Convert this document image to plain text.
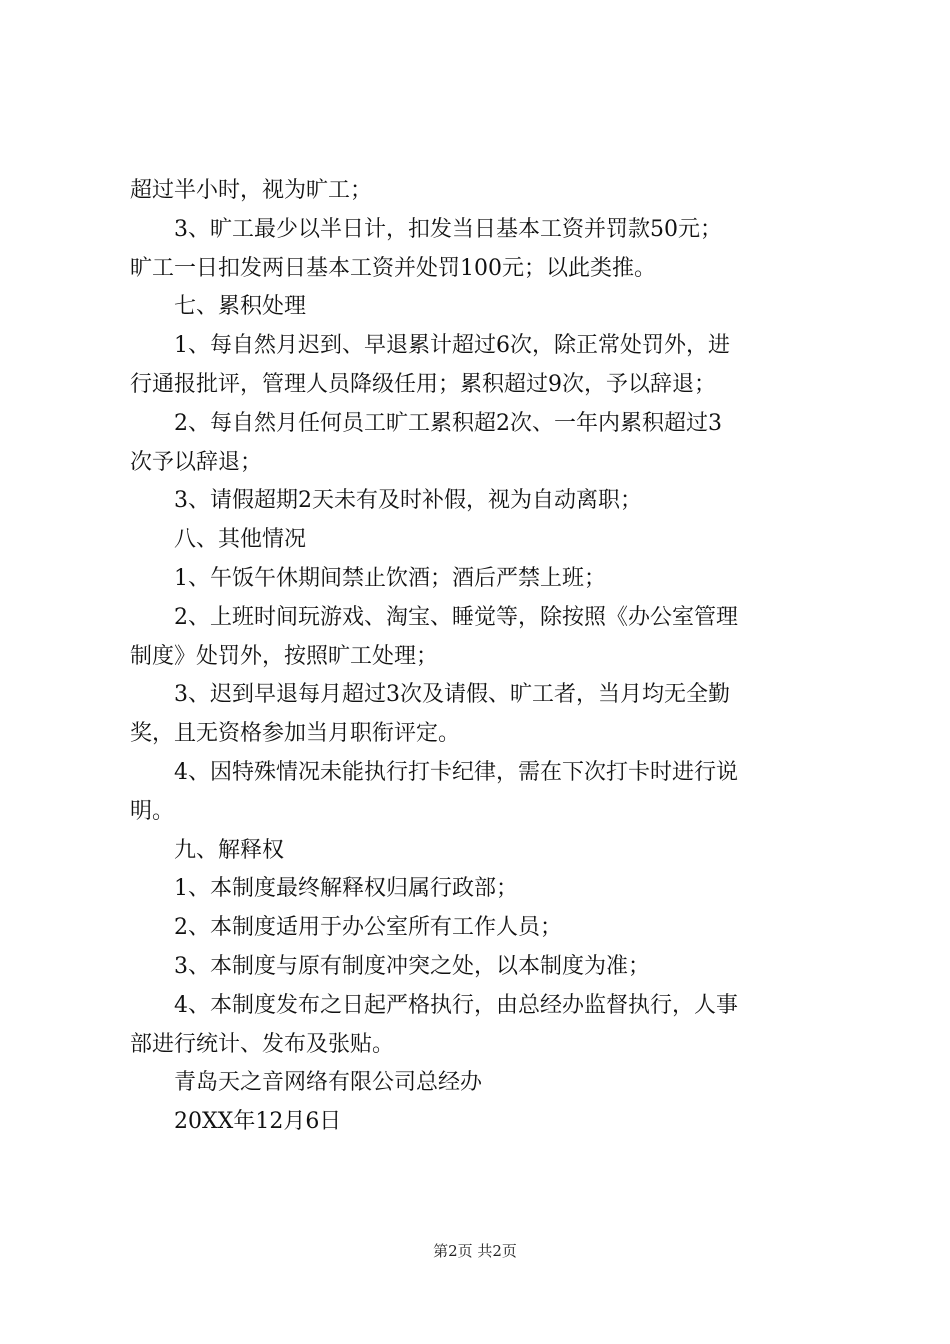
超过半小时，视为旷工；
3、旷工最少以半日计，扣发当日基本工资并罚款50元；
旷工一日扣发两日基本工资并处罚100元；以此类推。
七、累积处理
1、每自然月迟到、早退累计超过6次，除正常处罚外，进
行通报批评，管理人员降级任用；累积超过9次，予以辞退；
2、每自然月任何员工旷工累积超2次、一年内累积超过3
次予以辞退；
3、请假超期2天未有及时补假，视为自动离职；
八、其他情况
1、午饭午休期间禁止饮酒；酒后严禁上班；
2、上班时间玩游戏、淘宝、睡觉等，除按照《办公室管理
制度》处罚外，按照旷工处理；
3、迟到早退每月超过3次及请假、旷工者，当月均无全勤
奖，且无资格参加当月职衔评定。
4、因特殊情况未能执行打卡纪律，需在下次打卡时进行说
明。
九、解释权
1、本制度最终解释权归属行政部；
2、本制度适用于办公室所有工作人员；
3、本制度与原有制度冲突之处，以本制度为准；
4、本制度发布之日起严格执行，由总经办监督执行，人事
部进行统计、发布及张贴。
青岛天之音网络有限公司总经办
20XX年12月6日
第2页 共2页
